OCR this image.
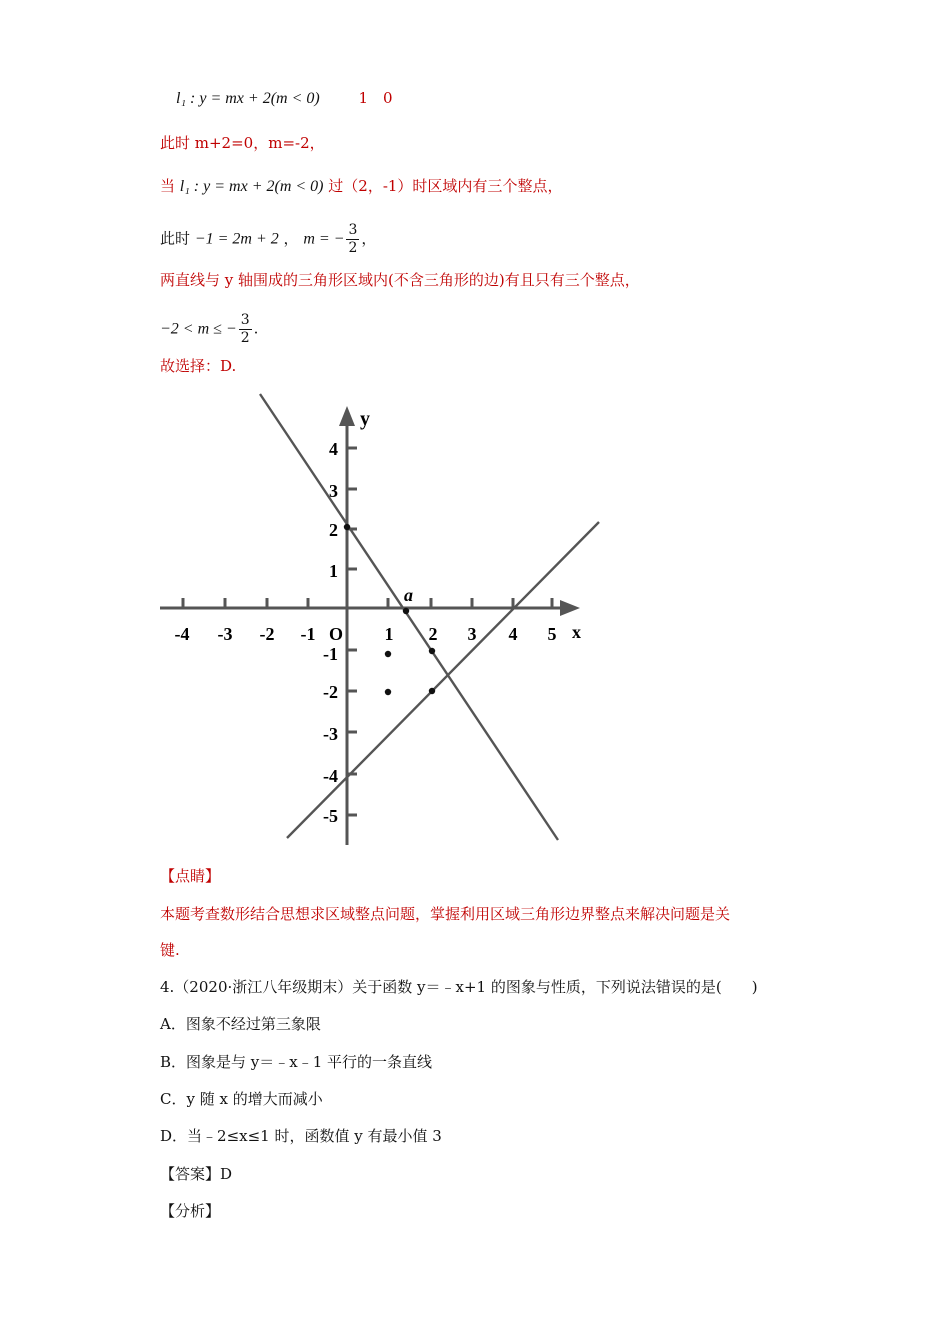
l₁ : y = mx + 2(m < 0)	1 0
此时 m+2=0，m=-2，
当 l₁ : y = mx + 2(m < 0) 过（2，-1）时区域内有三个整点，
此时 −1 = 2m + 2 ， m = − $\frac{3}{2}$ ，
两直线与 y 轴围成的三角形区域内(不含三角形的边)有且只有三个整点，
−2 < m ≤ − $\frac{3}{2}$ .
故选择：D.
-4 -3 -2 -1 O 1 2 3 4 5 x
4
3
2
1
-1
-2
-3
-4
-5
y
a
【点睛】
本题考查数形结合思想求区域整点问题，掌握利用区域三角形边界整点来解决问题是关
键.
4.（2020·浙江八年级期末）关于函数 y＝﹣x+1 的图象与性质，下列说法错误的是(　　)
A．图象不经过第三象限
B．图象是与 y＝﹣x﹣1 平行的一条直线
C．y 随 x 的增大而减小
D．当﹣2≤x≤1 时，函数值 y 有最小值 3
【答案】D
【分析】
